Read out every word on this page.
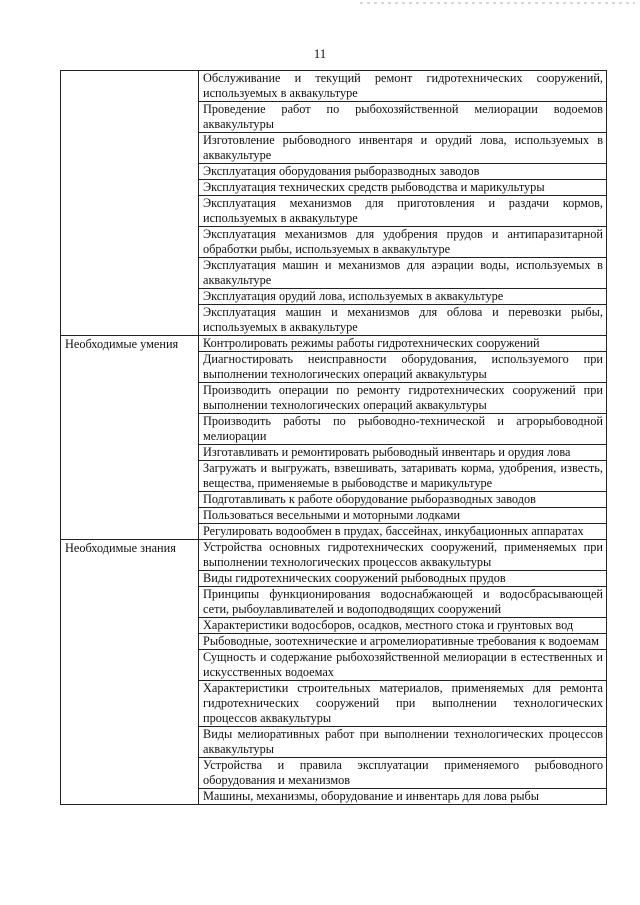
11
	Обслуживание и текущий ремонт гидротехнических сооружений, используемых в аквакультуре
	Проведение работ по рыбохозяйственной мелиорации водоемов аквакультуры
	Изготовление рыбоводного инвентаря и орудий лова, используемых в аквакультуре
	Эксплуатация оборудования рыборазводных заводов
	Эксплуатация технических средств рыбоводства и марикультуры
	Эксплуатация механизмов для приготовления и раздачи кормов, используемых в аквакультуре
	Эксплуатация механизмов для удобрения прудов и антипаразитарной обработки рыбы, используемых в аквакультуре
	Эксплуатация машин и механизмов для аэрации воды, используемых в аквакультуре
	Эксплуатация орудий лова, используемых в аквакультуре
	Эксплуатация машин и механизмов для облова и перевозки рыбы, используемых в аквакультуре
Необходимые умения	Контролировать режимы работы гидротехнических сооружений
	Диагностировать неисправности оборудования, используемого при выполнении технологических операций аквакультуры
	Производить операции по ремонту гидротехнических сооружений при выполнении технологических операций аквакультуры
	Производить работы по рыбоводно-технической и агрорыбоводной мелиорации
	Изготавливать и ремонтировать рыбоводный инвентарь и орудия лова
	Загружать и выгружать, взвешивать, затаривать корма, удобрения, известь, вещества, применяемые в рыбоводстве и марикультуре
	Подготавливать к работе оборудование рыборазводных заводов
	Пользоваться весельными и моторными лодками
	Регулировать водообмен в прудах, бассейнах, инкубационных аппаратах
Необходимые знания	Устройства основных гидротехнических сооружений, применяемых при выполнении технологических процессов аквакультуры
	Виды гидротехнических сооружений рыбоводных прудов
	Принципы функционирования водоснабжающей и водосбрасывающей сети, рыбоулавливателей и водоподводящих сооружений
	Характеристики водосборов, осадков, местного стока и грунтовых вод
	Рыбоводные, зоотехнические и агромелиоративные требования к водоемам
	Сущность и содержание рыбохозяйственной мелиорации в естественных и искусственных водоемах
	Характеристики строительных материалов, применяемых для ремонта гидротехнических сооружений при выполнении технологических процессов аквакультуры
	Виды мелиоративных работ при выполнении технологических процессов аквакультуры
	Устройства и правила эксплуатации применяемого рыбоводного оборудования и механизмов
	Машины, механизмы, оборудование и инвентарь для лова рыбы
